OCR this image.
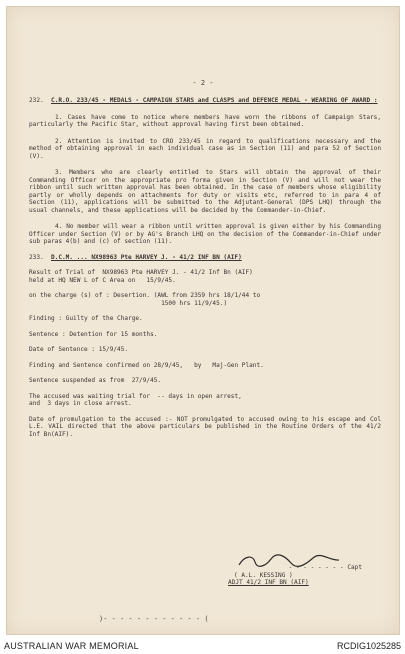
- 2 -
232.	C.R.O. 233/45 - MEDALS - CAMPAIGN STARS and CLASPS and DEFENCE MEDAL - WEARING OF AWARD :

1. Cases have come to notice where members have worn the ribbons of Campaign Stars, particularly the Pacific Star, without approval having first been obtained.

2. Attention is invited to CRO 233/45 in regard to qualifications necessary and the method of obtaining approval in each individual case as in Section (11) and para 52 of Section (V).

3. Members who are clearly entitled to Stars will obtain the approval of their Commanding Officer on the appropriate pro forma given in Section (V) and will not wear the ribbon until such written approval has been obtained. In the case of members whose eligibility partly or wholly depends on attachments for duty or visits etc, referred to in para 4 of Section (11), applications will be submitted to the Adjutant-General (DPS LHQ) through the usual channels, and these applications will be decided by the Commander-in-Chief.

4. No member will wear a ribbon until written approval is given either by his Commanding Officer under Section (V) or by AG's Branch LHQ on the decision of the Commander-in-Chief under sub paras 4(b) and (c) of section (11).

233.	D.C.M. ... NX98963 Pte HARVEY J. - 41/2 INF BN (AIF)
Result of Trial of  NX98963 Pte HARVEY J. - 41/2 Inf Bn (AIF)
held at HQ NEW L of C Area on   15/9/45.
on the charge (s) of : Desertion. (AWL from 2359 hrs 18/1/44 to
1500 hrs 11/9/45.)
Finding : Guilty of the Charge.
Sentence : Detention for 15 months.
Date of Sentence : 15/9/45.
Finding and Sentence confirmed on 28/9/45,   by   Maj-Gen Plant.
Sentence suspended as from  27/9/45.
The accused was waiting trial for  -- days in open arrest,
and  3 days in close arrest.

Date of promulgation to the accused :- NOT promulgated to accused owing to his escape and Col L.E. VAIL directed that the above particulars be published in the Routine Orders of the 41/2 Inf Bn(AIF).

- - - - - - - - Capt
( A.L. KESSING )
ADJT 41/2 INF BN (AIF)
)- - - - - - - - - - - - (
AUSTRALIAN WAR MEMORIAL	RCDIG1025285
